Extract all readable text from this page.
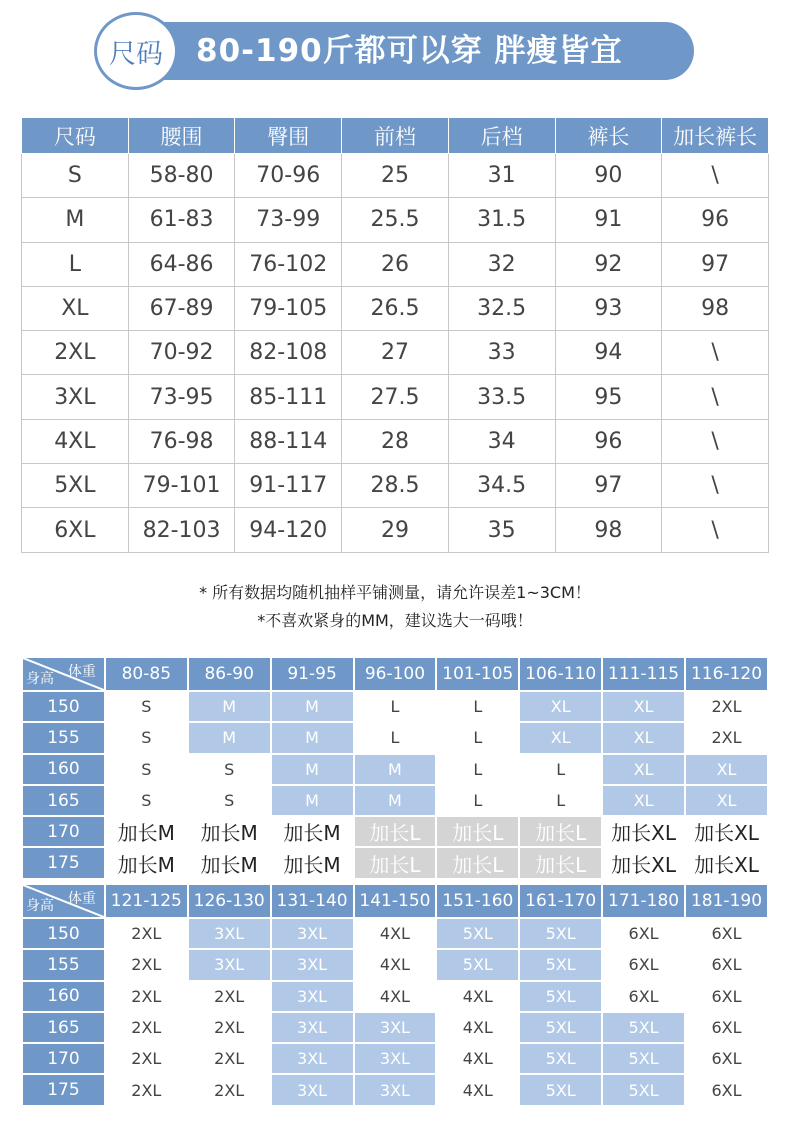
尺码	80-190斤都可以穿 胖瘦皆宜
尺码	腰围	臀围	前档	后档	裤长	加长裤长
S	58-80	70-96	25	31	90	\
M	61-83	73-99	25.5	31.5	91	96
L	64-86	76-102	26	32	92	97
XL	67-89	79-105	26.5	32.5	93	98
2XL	70-92	82-108	27	33	94	\
3XL	73-95	85-111	27.5	33.5	95	\
4XL	76-98	88-114	28	34	96	\
5XL	79-101	91-117	28.5	34.5	97	\
6XL	82-103	94-120	29	35	98	\
* 所有数据均随机抽样平铺测量，请允许误差1~3CM！
*不喜欢紧身的MM，建议选大一码哦！
体重
身高	80-85	86-90	91-95	96-100	101-105	106-110	111-115	116-120
150	S	M	M	L	L	XL	XL	2XL
155	S	M	M	L	L	XL	XL	2XL
160	S	S	M	M	L	L	XL	XL
165	S	S	M	M	L	L	XL	XL
170	加长M	加长M	加长M	加长L	加长L	加长L	加长XL	加长XL
175	加长M	加长M	加长M	加长L	加长L	加长L	加长XL	加长XL
体重
身高	121-125	126-130	131-140	141-150	151-160	161-170	171-180	181-190
150	2XL	3XL	3XL	4XL	5XL	5XL	6XL	6XL
155	2XL	3XL	3XL	4XL	5XL	5XL	6XL	6XL
160	2XL	2XL	3XL	4XL	4XL	5XL	6XL	6XL
165	2XL	2XL	3XL	3XL	4XL	5XL	5XL	6XL
170	2XL	2XL	3XL	3XL	4XL	5XL	5XL	6XL
175	2XL	2XL	3XL	3XL	4XL	5XL	5XL	6XL
